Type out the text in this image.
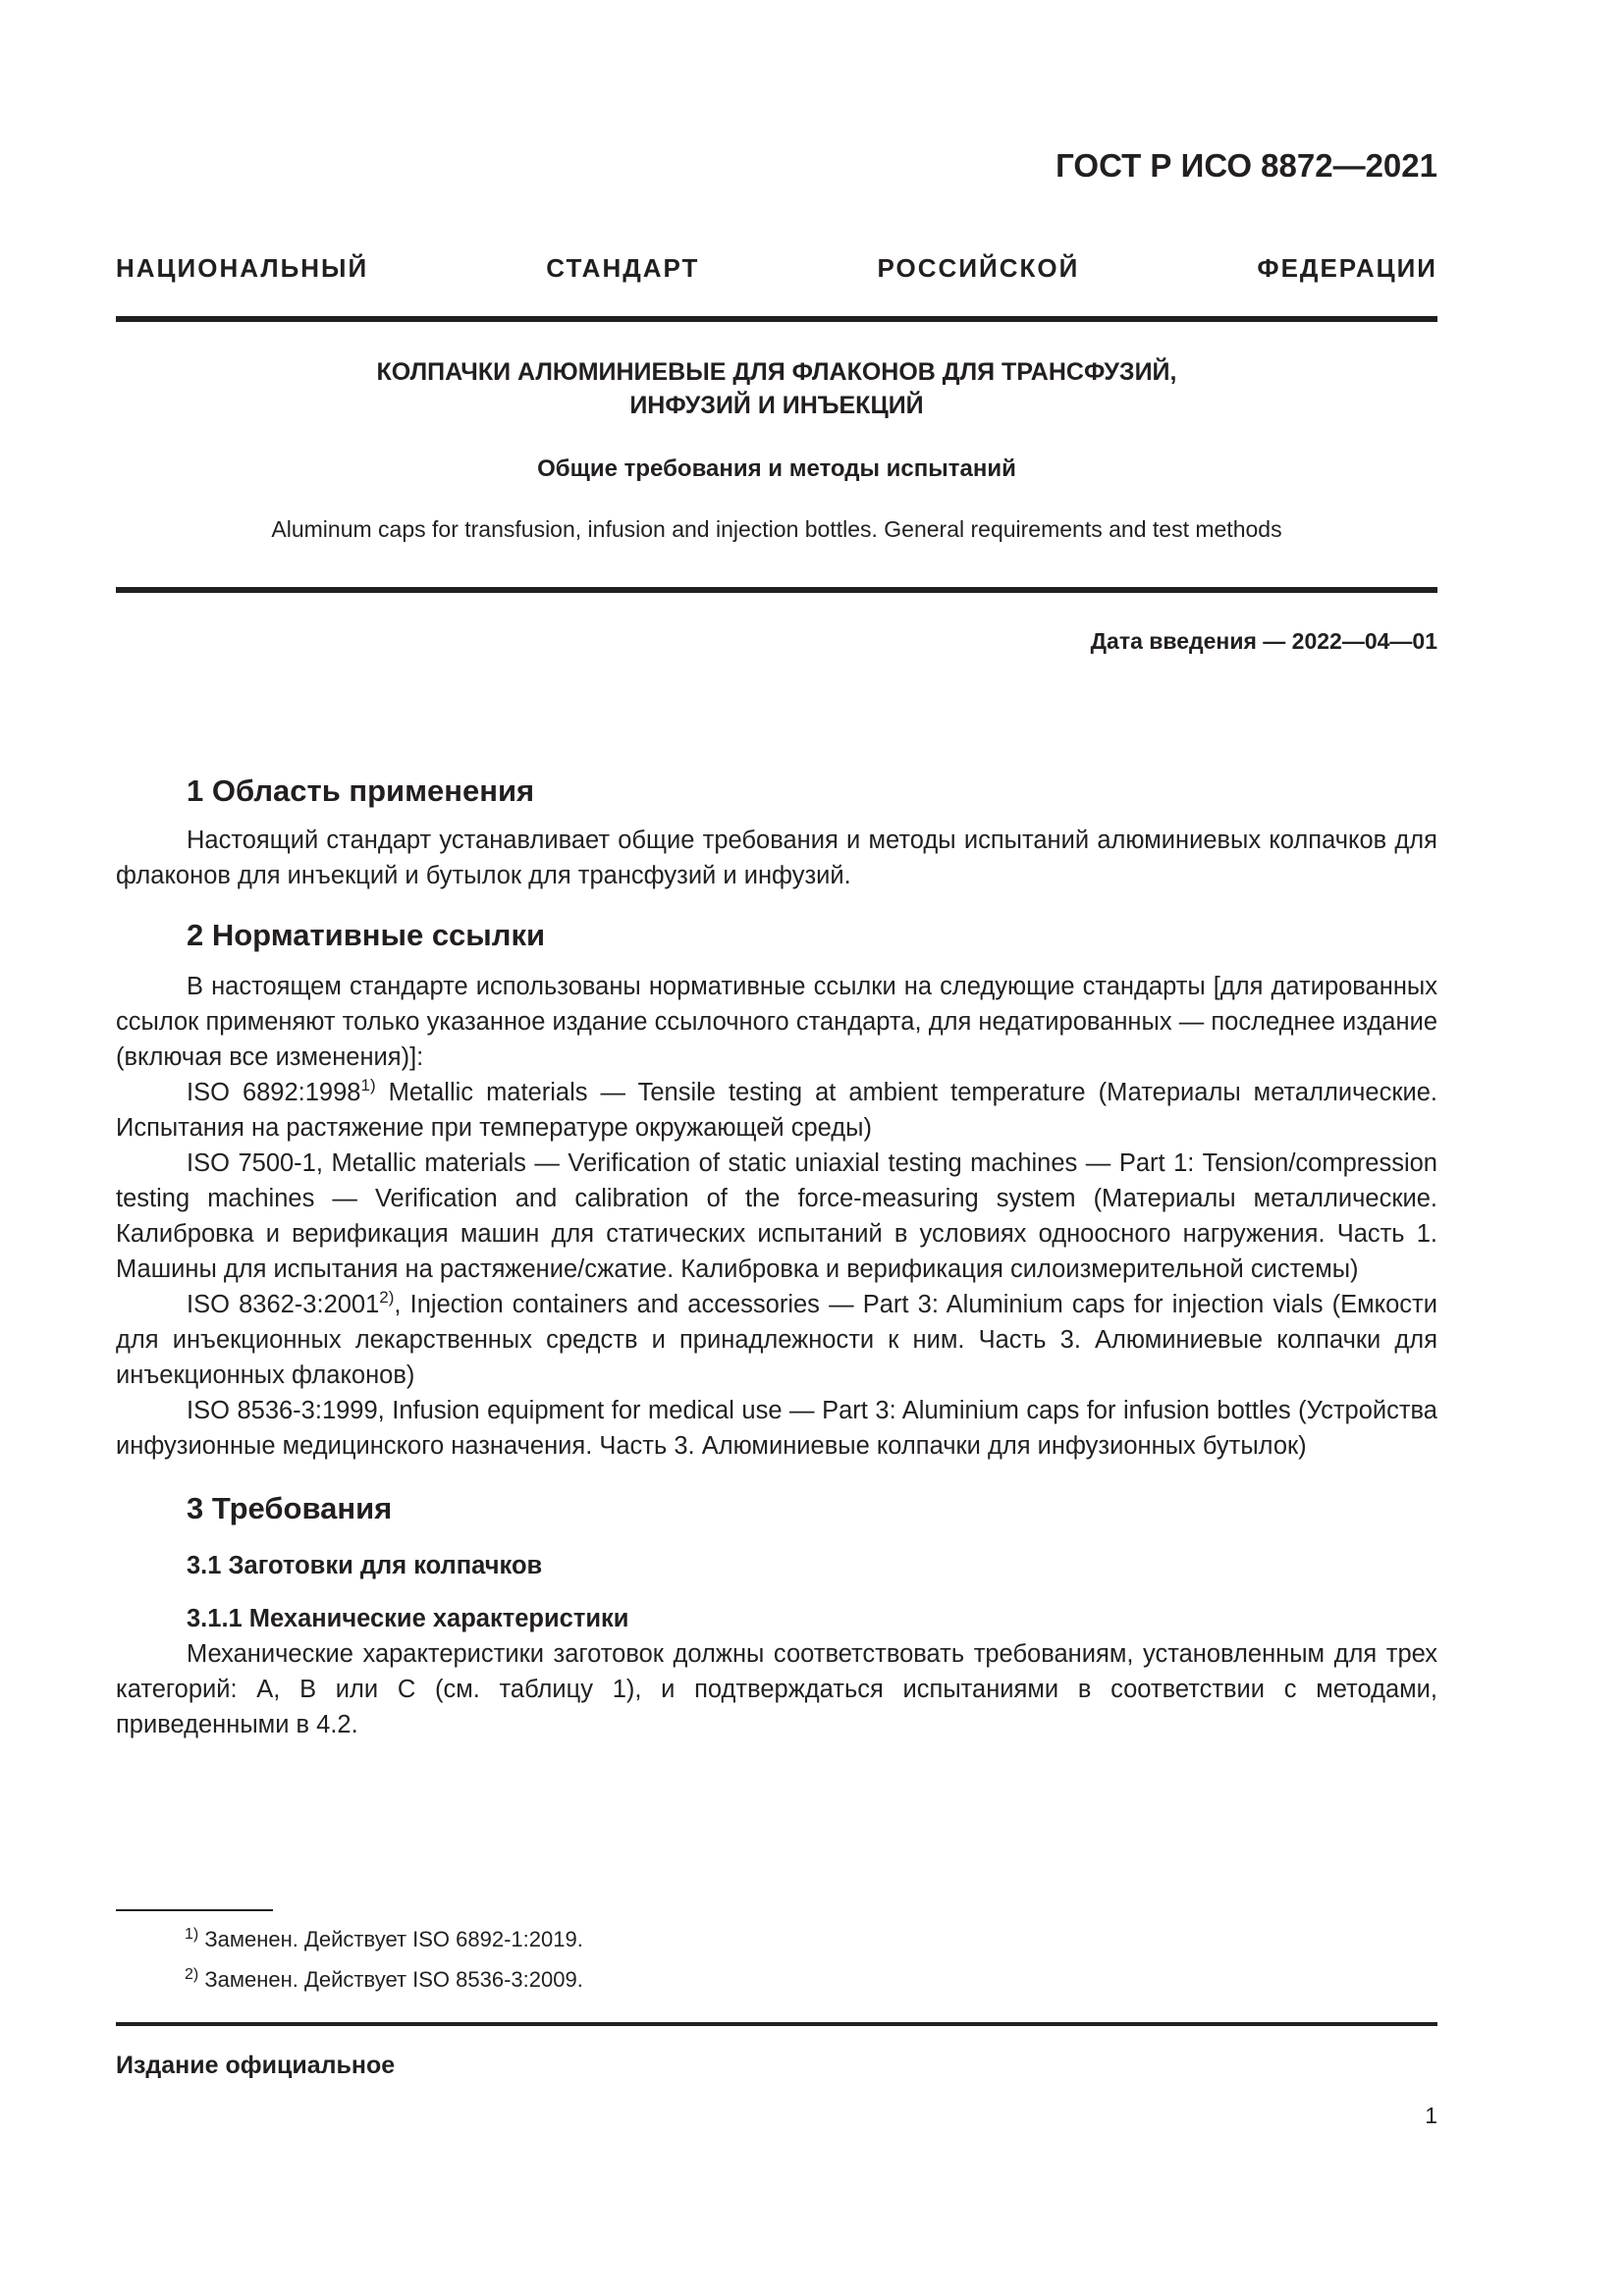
ГОСТ Р ИСО 8872—2021
НАЦИОНАЛЬНЫЙ СТАНДАРТ РОССИЙСКОЙ ФЕДЕРАЦИИ
КОЛПАЧКИ АЛЮМИНИЕВЫЕ ДЛЯ ФЛАКОНОВ ДЛЯ ТРАНСФУЗИЙ,
ИНФУЗИЙ И ИНЪЕКЦИЙ
Общие требования и методы испытаний
Aluminum caps for transfusion, infusion and injection bottles. General requirements and test methods
Дата введения — 2022—04—01
1 Область применения

Настоящий стандарт устанавливает общие требования и методы испытаний алюминиевых колпачков для флаконов для инъекций и бутылок для трансфузий и инфузий.

2 Нормативные ссылки

В настоящем стандарте использованы нормативные ссылки на следующие стандарты [для датированных ссылок применяют только указанное издание ссылочного стандарта, для недатированных — последнее издание (включая все изменения)]:

ISO 6892:1998$^{1)}$ Metallic materials — Tensile testing at ambient temperature (Материалы металлические. Испытания на растяжение при температуре окружающей среды)

ISO 7500-1, Metallic materials — Verification of static uniaxial testing machines — Part 1: Tension/compression testing machines — Verification and calibration of the force-measuring system (Материалы металлические. Калибровка и верификация машин для статических испытаний в условиях одноосного нагружения. Часть 1. Машины для испытания на растяжение/сжатие. Калибровка и верификация силоизмерительной системы)

ISO 8362-3:2001$^{2)}$, Injection containers and accessories — Part 3: Aluminium caps for injection vials (Емкости для инъекционных лекарственных средств и принадлежности к ним. Часть 3. Алюминиевые колпачки для инъекционных флаконов)

ISO 8536-3:1999, Infusion equipment for medical use — Part 3: Aluminium caps for infusion bottles (Устройства инфузионные медицинского назначения. Часть 3. Алюминиевые колпачки для инфузионных бутылок)

3 Требования
3.1 Заготовки для колпачков
3.1.1 Механические характеристики

Механические характеристики заготовок должны соответствовать требованиям, установленным для трех категорий: А, В или С (см. таблицу 1), и подтверждаться испытаниями в соответствии с методами, приведенными в 4.2.

$^{1)}$ Заменен. Действует ISO 6892-1:2019.
$^{2)}$ Заменен. Действует ISO 8536-3:2009.
Издание официальное
1
